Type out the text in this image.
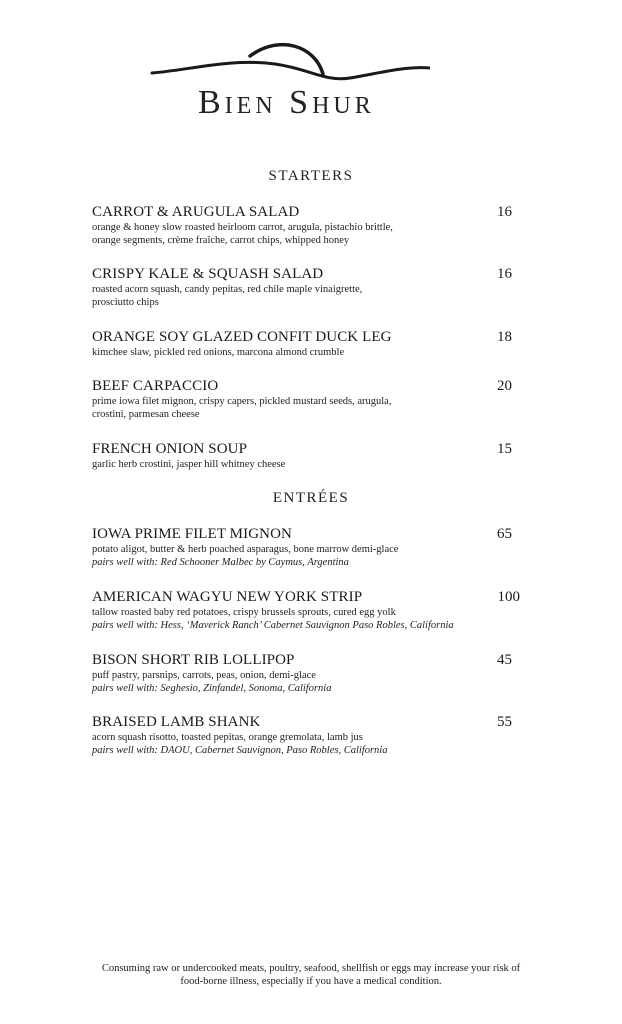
Bien Shur
STARTERS
CARROT & ARUGULA SALAD	16
orange & honey slow roasted heirloom carrot, arugula, pistachio brittle,
orange segments, crème fraîche, carrot chips, whipped honey
CRISPY KALE & SQUASH SALAD	16
roasted acorn squash, candy pepitas, red chile maple vinaigrette,
prosciutto chips
ORANGE SOY GLAZED CONFIT DUCK LEG	18
kimchee slaw, pickled red onions, marcona almond crumble
BEEF CARPACCIO	20
prime iowa filet mignon, crispy capers, pickled mustard seeds, arugula,
crostini, parmesan cheese
FRENCH ONION SOUP	15
garlic herb crostini, jasper hill whitney cheese
ENTRÉES
IOWA PRIME FILET MIGNON	65
potato aligot, butter & herb poached asparagus, bone marrow demi-glace
pairs well with: Red Schooner Malbec by Caymus, Argentina
AMERICAN WAGYU NEW YORK STRIP	100
tallow roasted baby red potatoes, crispy brussels sprouts, cured egg yolk
pairs well with: Hess, ‘Maverick Ranch’ Cabernet Sauvignon Paso Robles, California
BISON SHORT RIB LOLLIPOP	45
puff pastry, parsnips, carrots, peas, onion, demi-glace
pairs well with: Seghesio, Zinfandel, Sonoma, California
BRAISED LAMB SHANK	55
acorn squash risotto, toasted pepitas, orange gremolata, lamb jus
pairs well with: DAOU, Cabernet Sauvignon, Paso Robles, California
Consuming raw or undercooked meats, poultry, seafood, shellfish or eggs may increase your risk of
food-borne illness, especially if you have a medical condition.
